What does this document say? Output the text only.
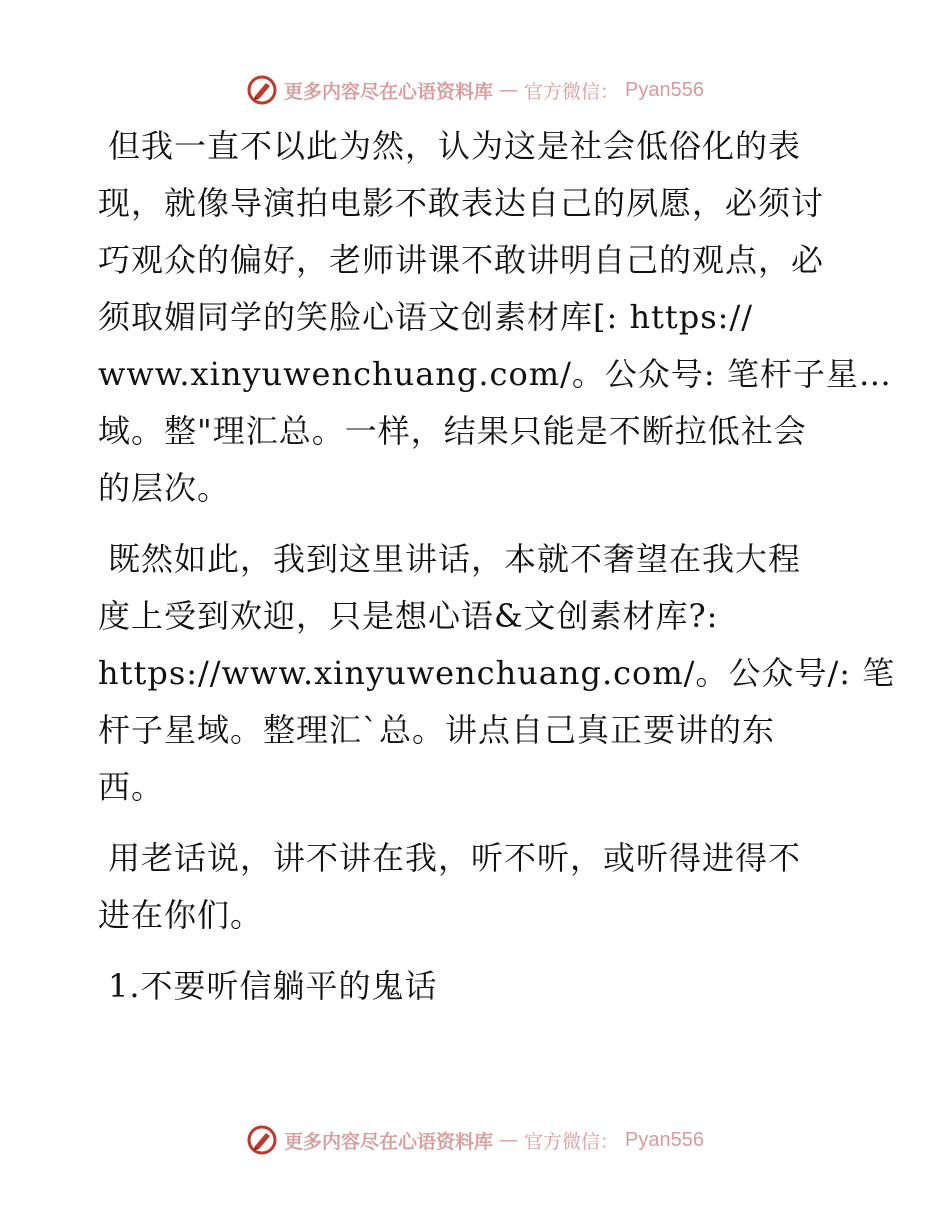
更多内容尽在心语资料库 — 官方微信： Pyan556

但我一直不以此为然，认为这是社会低俗化的表
现，就像导演拍电影不敢表达自己的夙愿，必须讨
巧观众的偏好，老师讲课不敢讲明自己的观点，必
须取媚同学的笑脸心语文创素材库[: https://
www.xinyuwenchuang.com/。公众号: 笔杆子星…
域。整"理汇总。一样，结果只能是不断拉低社会
的层次。

既然如此，我到这里讲话，本就不奢望在我大程
度上受到欢迎，只是想心语&文创素材库?:
https://www.xinyuwenchuang.com/。公众号/: 笔
杆子星域。整理汇`总。讲点自己真正要讲的东
西。

用老话说，讲不讲在我，听不听，或听得进得不
进在你们。

1.不要听信躺平的鬼话

更多内容尽在心语资料库 — 官方微信： Pyan556
